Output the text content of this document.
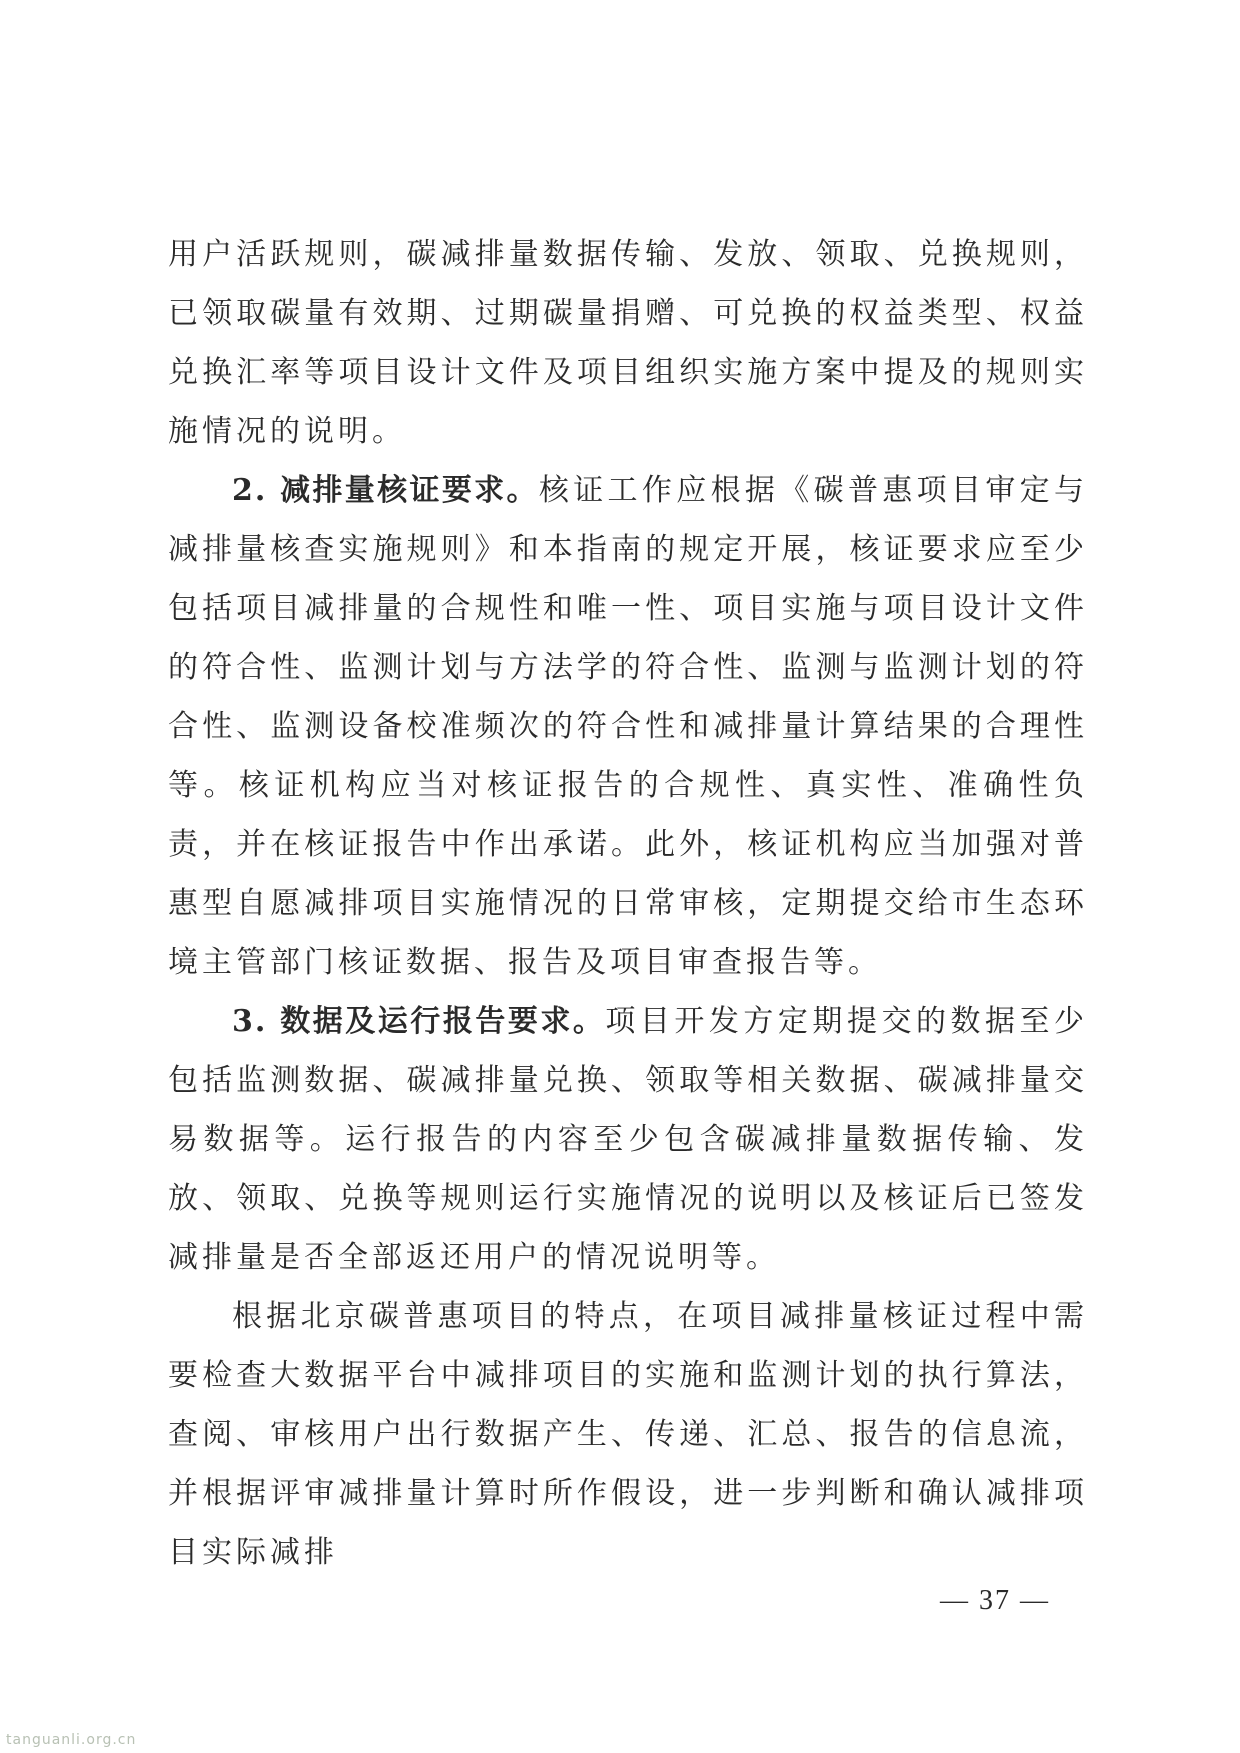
用户活跃规则，碳减排量数据传输、发放、领取、兑换规则，已领取碳量有效期、过期碳量捐赠、可兑换的权益类型、权益兑换汇率等项目设计文件及项目组织实施方案中提及的规则实施情况的说明。

2. 减排量核证要求。核证工作应根据《碳普惠项目审定与减排量核查实施规则》和本指南的规定开展，核证要求应至少包括项目减排量的合规性和唯一性、项目实施与项目设计文件的符合性、监测计划与方法学的符合性、监测与监测计划的符合性、监测设备校准频次的符合性和减排量计算结果的合理性等。核证机构应当对核证报告的合规性、真实性、准确性负责，并在核证报告中作出承诺。此外，核证机构应当加强对普惠型自愿减排项目实施情况的日常审核，定期提交给市生态环境主管部门核证数据、报告及项目审查报告等。

3. 数据及运行报告要求。项目开发方定期提交的数据至少包括监测数据、碳减排量兑换、领取等相关数据、碳减排量交易数据等。运行报告的内容至少包含碳减排量数据传输、发放、领取、兑换等规则运行实施情况的说明以及核证后已签发减排量是否全部返还用户的情况说明等。

根据北京碳普惠项目的特点，在项目减排量核证过程中需要检查大数据平台中减排项目的实施和监测计划的执行算法，查阅、审核用户出行数据产生、传递、汇总、报告的信息流，并根据评审减排量计算时所作假设，进一步判断和确认减排项目实际减排

— 37 —
tanguanli.org.cn
